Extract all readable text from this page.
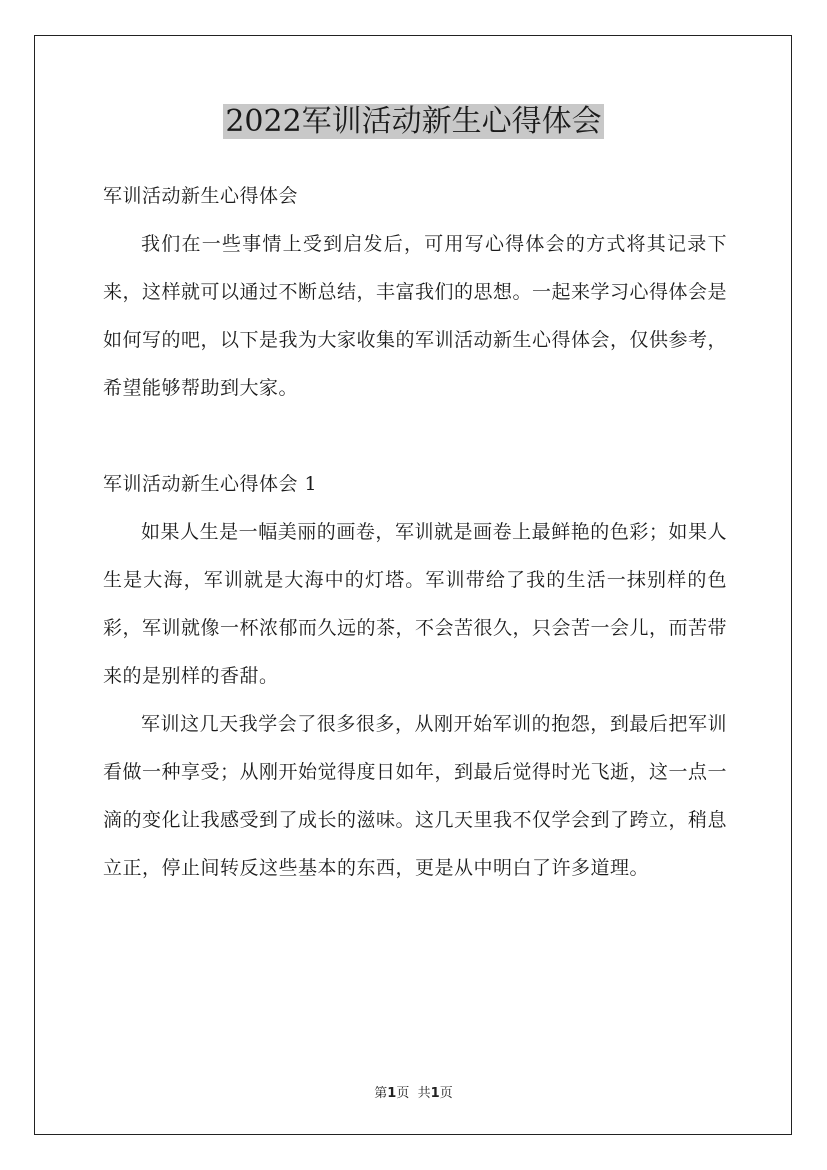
2022军训活动新生心得体会

军训活动新生心得体会

我们在一些事情上受到启发后，可用写心得体会的方式将其记录下来，这样就可以通过不断总结，丰富我们的思想。一起来学习心得体会是如何写的吧，以下是我为大家收集的军训活动新生心得体会，仅供参考，希望能够帮助到大家。

军训活动新生心得体会 1

如果人生是一幅美丽的画卷，军训就是画卷上最鲜艳的色彩；如果人生是大海，军训就是大海中的灯塔。军训带给了我的生活一抹别样的色彩，军训就像一杯浓郁而久远的茶，不会苦很久，只会苦一会儿，而苦带来的是别样的香甜。

军训这几天我学会了很多很多，从刚开始军训的抱怨，到最后把军训看做一种享受；从刚开始觉得度日如年，到最后觉得时光飞逝，这一点一滴的变化让我感受到了成长的滋味。这几天里我不仅学会到了跨立，稍息立正，停止间转反这些基本的东西，更是从中明白了许多道理。

第1页 共1页
